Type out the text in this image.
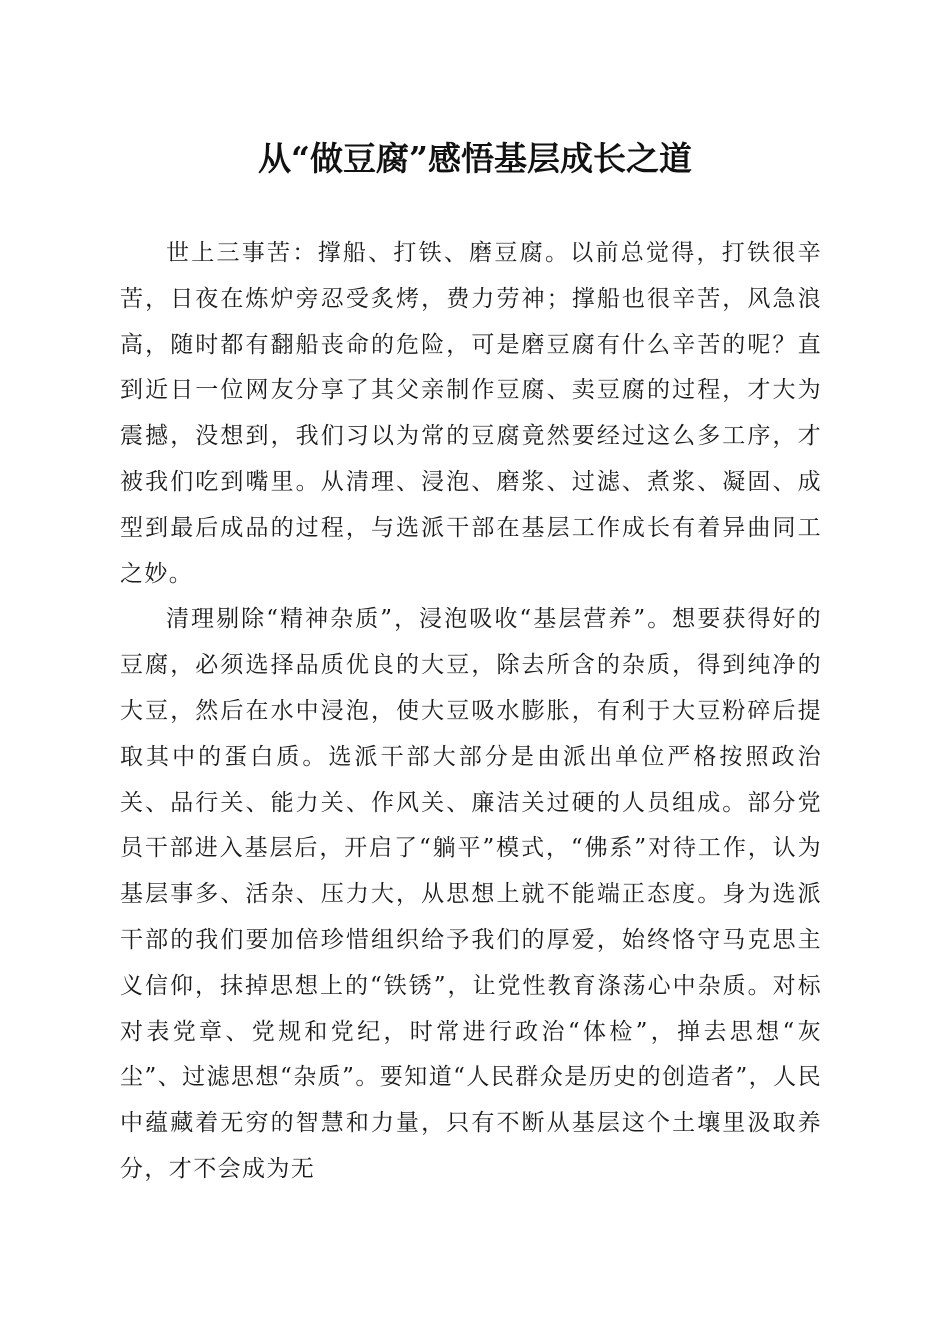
从“做豆腐”感悟基层成长之道

世上三事苦：撑船、打铁、磨豆腐。以前总觉得，打铁很辛苦，日夜在炼炉旁忍受炙烤，费力劳神；撑船也很辛苦，风急浪高，随时都有翻船丧命的危险，可是磨豆腐有什么辛苦的呢？直到近日一位网友分享了其父亲制作豆腐、卖豆腐的过程，才大为震撼，没想到，我们习以为常的豆腐竟然要经过这么多工序，才被我们吃到嘴里。从清理、浸泡、磨浆、过滤、煮浆、凝固、成型到最后成品的过程，与选派干部在基层工作成长有着异曲同工之妙。

清理剔除“精神杂质”，浸泡吸收“基层营养”。想要获得好的豆腐，必须选择品质优良的大豆，除去所含的杂质，得到纯净的大豆，然后在水中浸泡，使大豆吸水膨胀，有利于大豆粉碎后提取其中的蛋白质。选派干部大部分是由派出单位严格按照政治关、品行关、能力关、作风关、廉洁关过硬的人员组成。部分党员干部进入基层后，开启了“躺平”模式，“佛系”对待工作，认为基层事多、活杂、压力大，从思想上就不能端正态度。身为选派干部的我们要加倍珍惜组织给予我们的厚爱，始终恪守马克思主义信仰，抹掉思想上的“铁锈”，让党性教育涤荡心中杂质。对标对表党章、党规和党纪，时常进行政治“体检”，掸去思想“灰尘”、过滤思想“杂质”。要知道“人民群众是历史的创造者”，人民中蕴藏着无穷的智慧和力量，只有不断从基层这个土壤里汲取养分，才不会成为无
